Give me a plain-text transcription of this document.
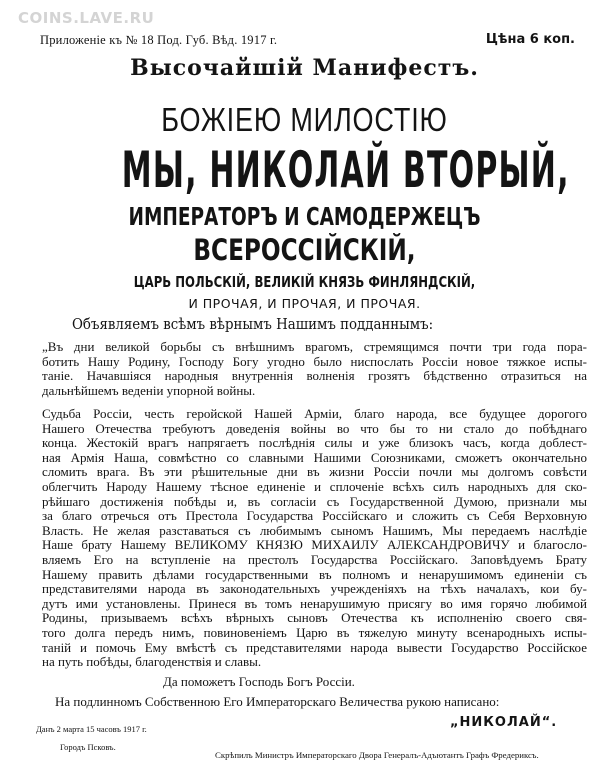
COINS.LAVE.RU
Приложеніе къ № 18 Под. Губ. Вѣд. 1917 г.	Цѣна 6 коп.
Высочайшій Манифестъ.
БОЖІЕЮ МИЛОСТІЮ
МЫ, НИКОЛАЙ ВТОРЫЙ,
ИМПЕРАТОРЪ И САМОДЕРЖЕЦЪ
ВСЕРОССІЙСКІЙ,
ЦАРЬ ПОЛЬСКІЙ, ВЕЛИКІЙ КНЯЗЬ ФИНЛЯНДСКІЙ,
И ПРОЧАЯ, И ПРОЧАЯ, И ПРОЧАЯ.
Объявляемъ всѣмъ вѣрнымъ Нашимъ подданнымъ:
„Въ дни великой борьбы съ внѣшнимъ врагомъ, стремящимся почти три года пора-
ботить Нашу Родину, Господу Богу угодно было ниспослать Россіи новое тяжкое испы-
таніе. Начавшіяся народныя внутреннія волненія грозятъ бѣдственно отразиться на
дальнѣйшемъ веденіи упорной войны.
Судьба Россіи, честь геройской Нашей Арміи, благо народа, все будущее дорогого
Нашего Отечества требуютъ доведенія войны во что бы то ни стало до побѣднаго
конца. Жестокій врагъ напрягаетъ послѣднія силы и уже близокъ часъ, когда доблест-
ная Армія Наша, совмѣстно со славными Нашими Союзниками, сможетъ окончательно
сломить врага. Въ эти рѣшительные дни въ жизни Россіи почли мы долгомъ совѣсти
облегчить Народу Нашему тѣсное единеніе и сплоченіе всѣхъ силъ народныхъ для ско-
рѣйшаго достиженія побѣды и, въ согласіи съ Государственной Думою, признали мы
за благо отречься отъ Престола Государства Россійскаго и сложить съ Себя Верховную
Власть. Не желая разставаться съ любимымъ сыномъ Нашимъ, Мы передаемъ наслѣдіе
Наше брату Нашему ВЕЛИКОМУ КНЯЗЮ МИХАИЛУ АЛЕКСАНДРОВИЧУ и благосло-
вляемъ Его на вступленіе на престолъ Государства Россійскаго. Заповѣдуемъ Брату
Нашему править дѣлами государственными въ полномъ и ненарушимомъ единеніи съ
представителями народа въ законодательныхъ учрежденіяхъ на тѣхъ началахъ, кои бу-
дутъ ими установлены. Принеся въ томъ ненарушимую присягу во имя горячо любимой
Родины, призываемъ всѣхъ вѣрныхъ сыновъ Отечества къ исполненію своего свя-
того долга передъ нимъ, повиновеніемъ Царю въ тяжелую минуту всенародныхъ испы-
таній и помочь Ему вмѣстѣ съ представителями народа вывести Государство Россійское
на путь побѣды, благоденствія и славы.
Да поможетъ Господь Богъ Россіи.
На подлинномъ Собственною Его Императорскаго Величества рукою написано:
„НИКОЛАЙ“.
Данъ 2 марта 15 часовъ 1917 г.
Городъ Псковъ.
Скрѣпилъ Министръ Императорскаго Двора Генералъ-Адъютантъ Графъ Фредериксъ.
